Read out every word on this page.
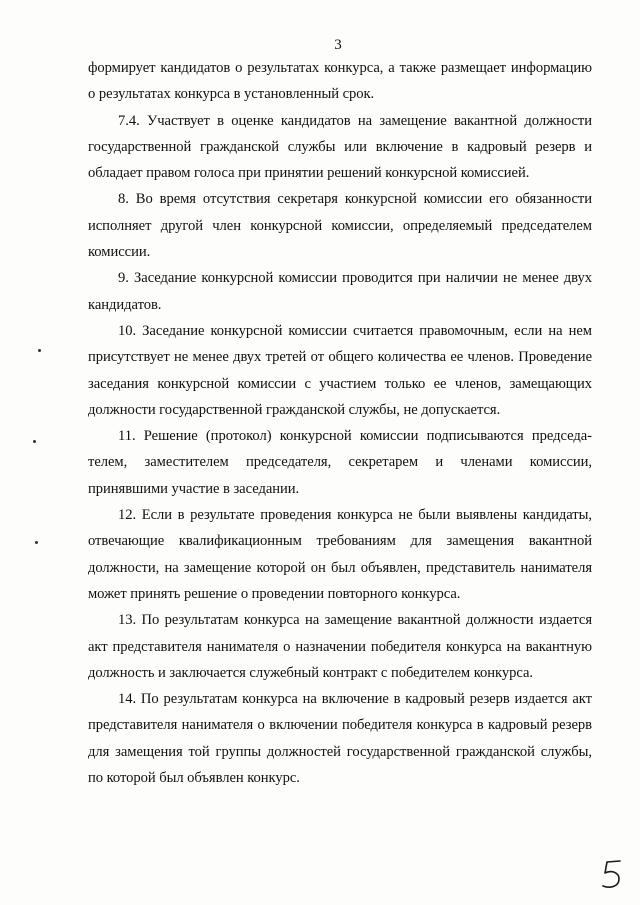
3

формирует кандидатов о результатах конкурса, а также размещает информацию о результатах конкурса в установленный срок.

7.4. Участвует в оценке кандидатов на замещение вакантной должности государственной гражданской службы или включение в кадровый резерв и обладает правом голоса при принятии решений конкурсной комиссией.

8. Во время отсутствия секретаря конкурсной комиссии его обязанности исполняет другой член конкурсной комиссии, определяемый председателем комиссии.

9. Заседание конкурсной комиссии проводится при наличии не менее двух кандидатов.

10. Заседание конкурсной комиссии считается правомочным, если на нем присутствует не менее двух третей от общего количества ее членов. Проведение заседания конкурсной комиссии с участием только ее членов, замещающих должности государственной гражданской службы, не допускается.

11. Решение (протокол) конкурсной комиссии подписываются председателем, заместителем председателя, секретарем и членами комиссии, принявшими участие в заседании.

12. Если в результате проведения конкурса не были выявлены кандидаты, отвечающие квалификационным требованиям для замещения вакантной должности, на замещение которой он был объявлен, представитель нанимателя может принять решение о проведении повторного конкурса.

13. По результатам конкурса на замещение вакантной должности издается акт представителя нанимателя о назначении победителя конкурса на вакантную должность и заключается служебный контракт с победителем конкурса.

14. По результатам конкурса на включение в кадровый резерв издается акт представителя нанимателя о включении победителя конкурса в кадровый резерв для замещения той группы должностей государственной гражданской службы, по которой был объявлен конкурс.
